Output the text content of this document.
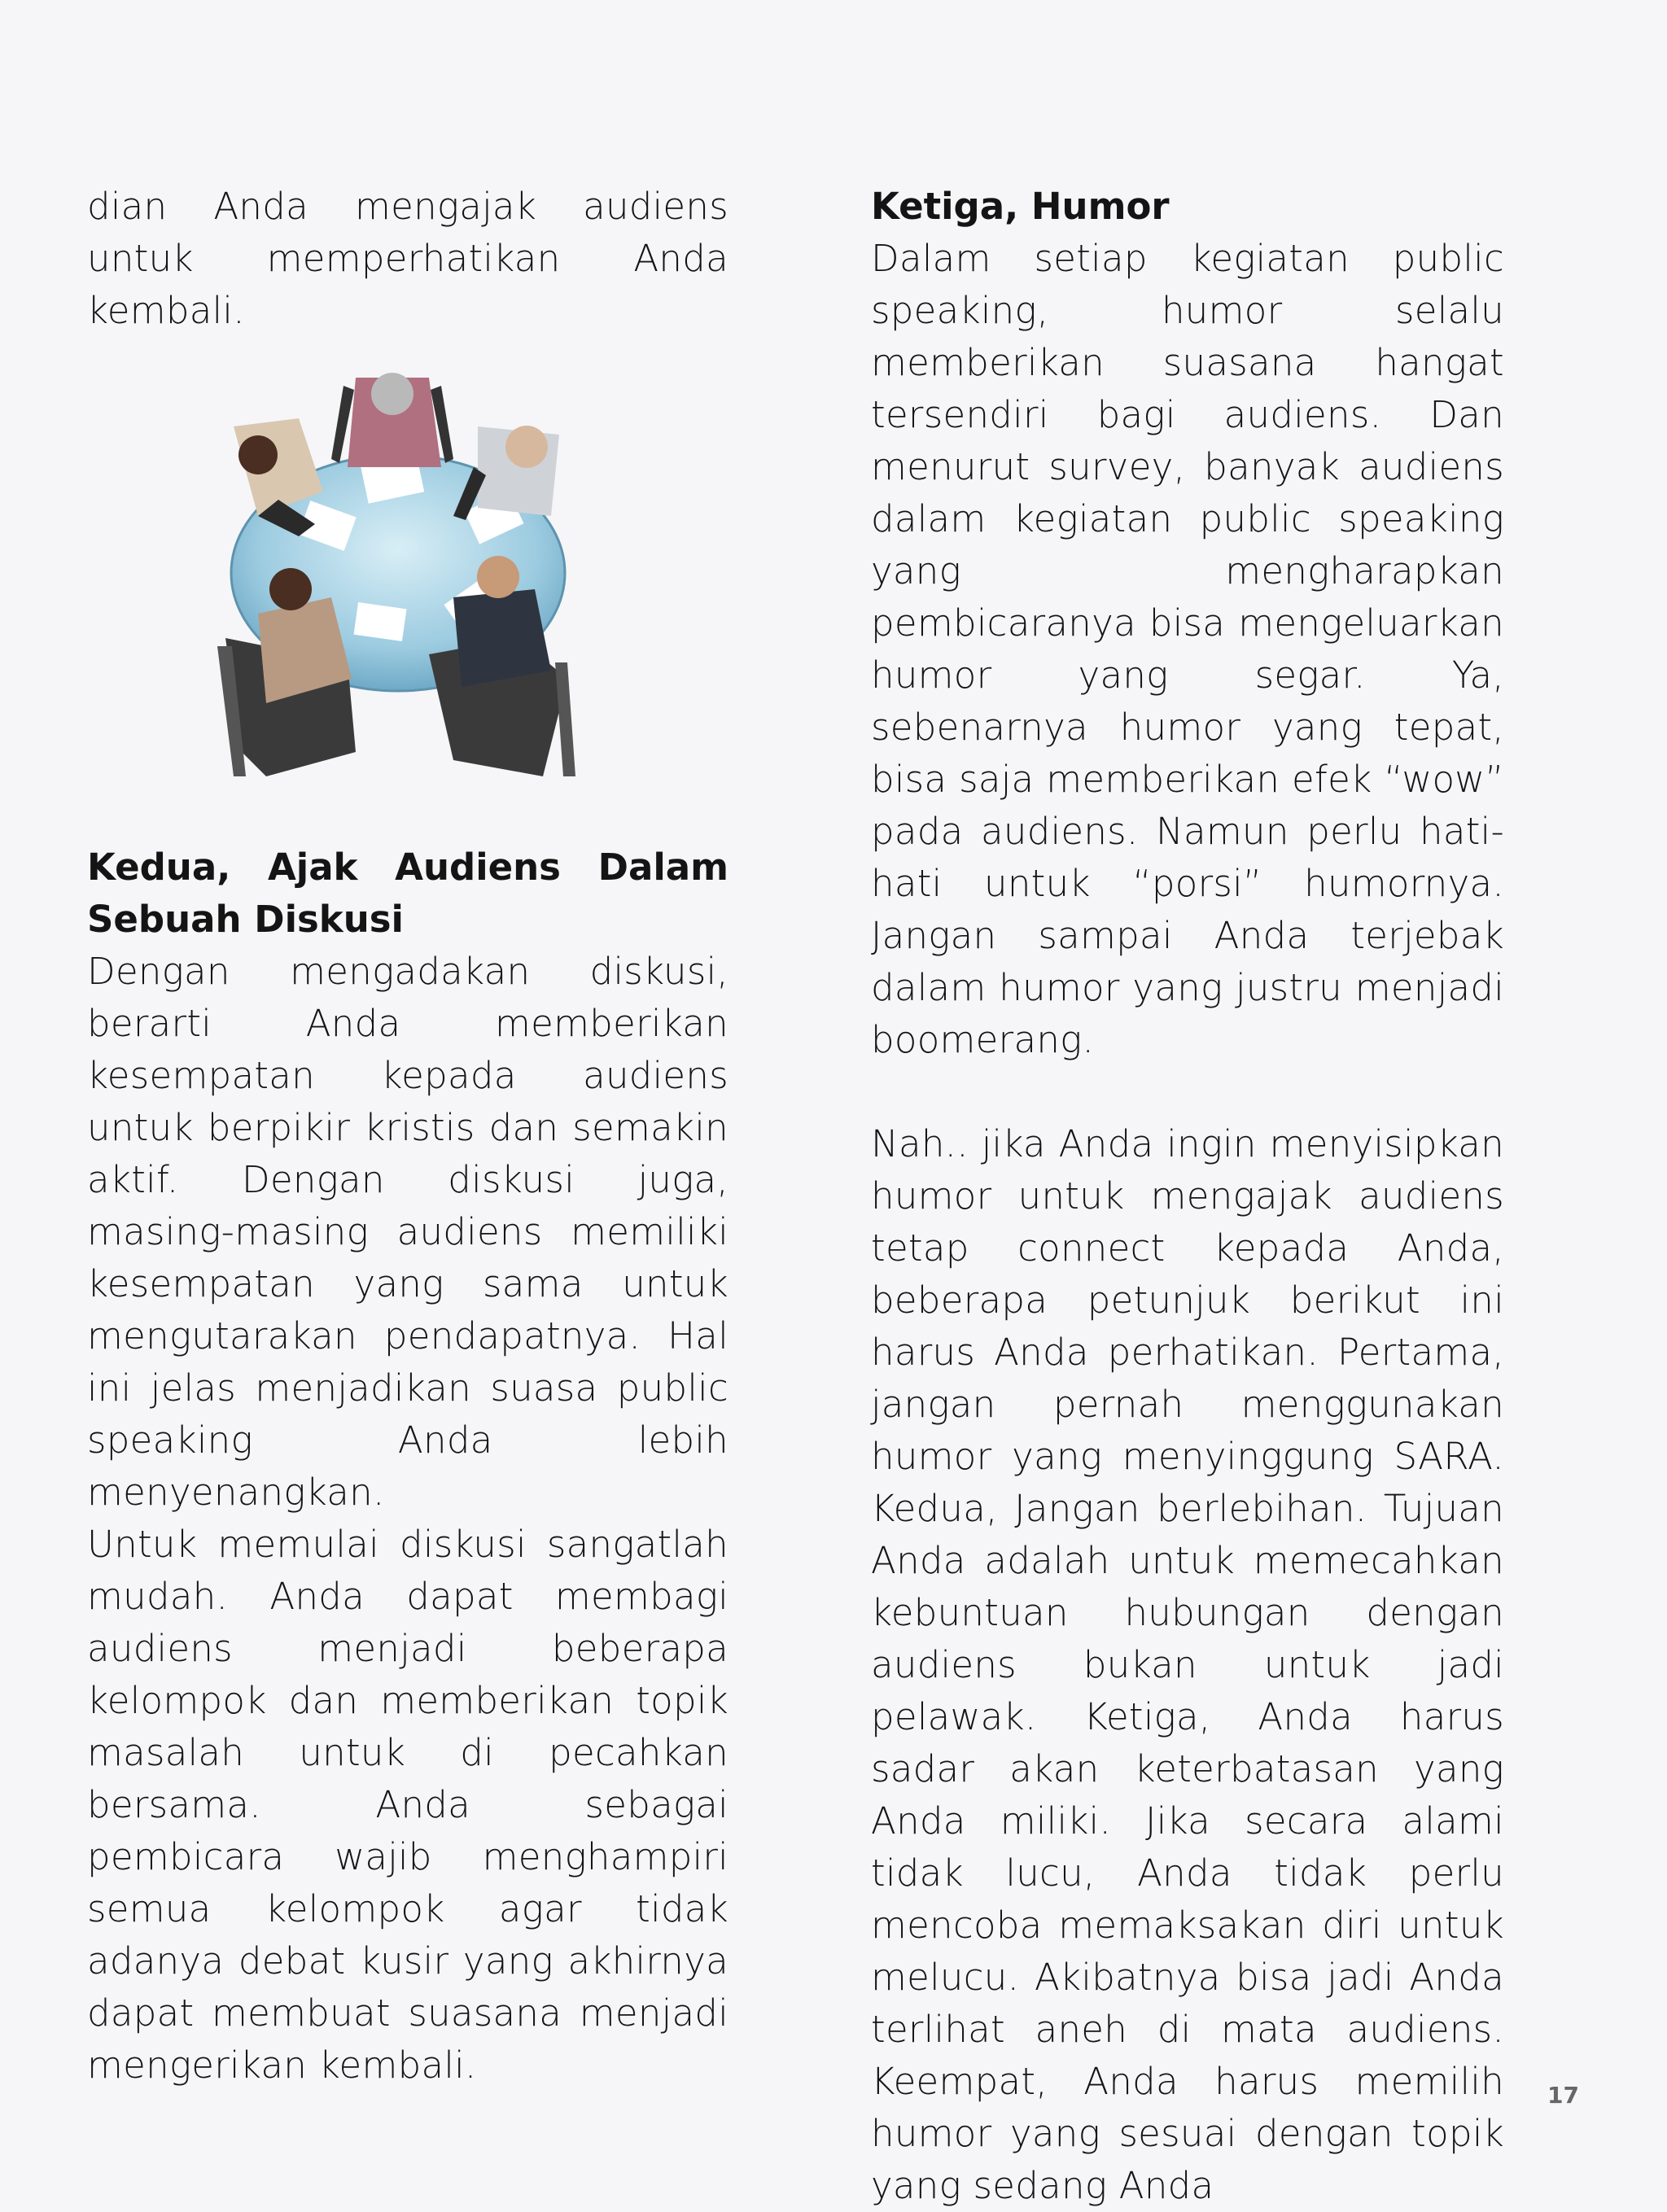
dian Anda mengajak audiens untuk memperhatikan Anda kembali.

Kedua, Ajak Audiens Dalam Sebuah Diskusi

Dengan mengadakan diskusi, berarti Anda memberikan kesempatan kepada audiens untuk berpikir kristis dan semakin aktif. Dengan diskusi juga, masing-masing audiens memiliki kesempatan yang sama untuk mengutarakan pendapatnya. Hal ini jelas menjadikan suasa public speaking Anda lebih menyenangkan.

Untuk memulai diskusi sangatlah mudah. Anda dapat membagi audiens menjadi beberapa kelompok dan memberikan topik masalah untuk di pecahkan bersama. Anda sebagai pembicara wajib menghampiri semua kelompok agar tidak adanya debat kusir yang akhirnya dapat membuat suasana menjadi mengerikan kembali.

Ketiga, Humor

Dalam setiap kegiatan public speaking, humor selalu memberikan suasana hangat tersendiri bagi audiens. Dan menurut survey, banyak audiens dalam kegiatan public speaking yang mengharapkan pembicaranya bisa mengeluarkan humor yang segar. Ya, sebenarnya humor yang tepat, bisa saja memberikan efek “wow” pada audiens. Namun perlu hati-hati untuk “porsi” humornya. Jangan sampai Anda terjebak dalam humor yang justru menjadi boomerang.

Nah.. jika Anda ingin menyisipkan humor untuk mengajak audiens tetap connect kepada Anda, beberapa petunjuk berikut ini harus Anda perhatikan. Pertama, jangan pernah menggunakan humor yang menyinggung SARA. Kedua, Jangan berlebihan. Tujuan Anda adalah untuk memecahkan kebuntuan hubungan dengan audiens bukan untuk jadi pelawak. Ketiga, Anda harus sadar akan keterbatasan yang Anda miliki. Jika secara alami tidak lucu, Anda tidak perlu mencoba memaksakan diri untuk melucu. Akibatnya bisa jadi Anda terlihat aneh di mata audiens. Keempat, Anda harus memilih humor yang sesuai dengan topik yang sedang Anda

17
